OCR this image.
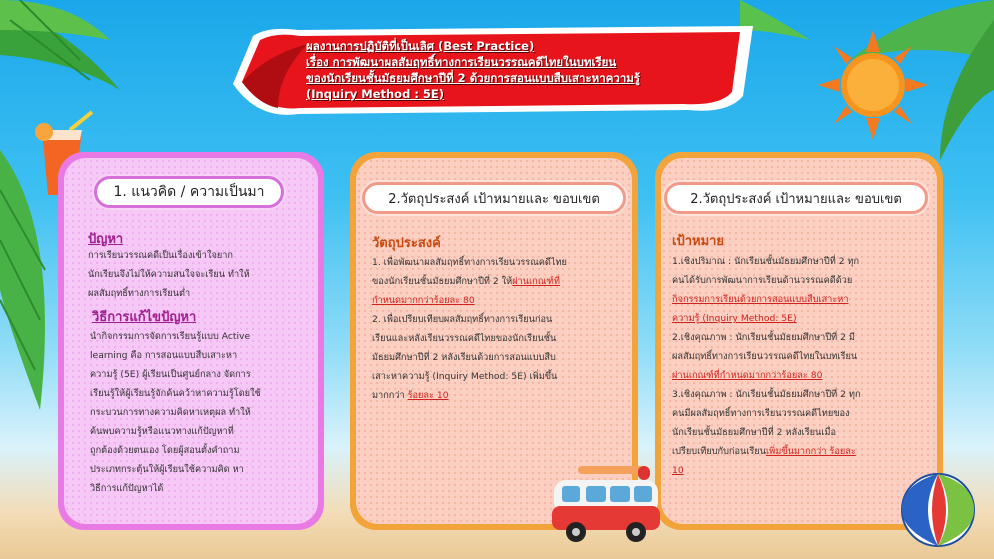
ผลงานการปฏิบัติที่เป็นเลิศ (Best Practice)
เรื่อง การพัฒนาผลสัมฤทธิ์ทางการเรียนวรรณคดีไทยในบทเรียน
ของนักเรียนชั้นมัธยมศึกษาปีที่ 2 ด้วยการสอนแบบสืบเสาะหาความรู้
(Inquiry Method : 5E)
1. แนวคิด / ความเป็นมา
ปัญหา
การเรียนวรรณคดีเป็นเรื่องเข้าใจยาก
นักเรียนจึงไม่ให้ความสนใจจะเรียน ทำให้
ผลสัมฤทธิ์ทางการเรียนต่ำ
วิธีการแก้ไขปัญหา
นำกิจกรรมการจัดการเรียนรู้แบบ Active
learning คือ การสอนแบบสืบเสาะหา
ความรู้ (5E) ผู้เรียนเป็นศูนย์กลาง จัดการ
เรียนรู้ให้ผู้เรียนรู้จักค้นคว้าหาความรู้โดยใช้
กระบวนการทางความคิดหาเหตุผล ทำให้
ค้นพบความรู้หรือแนวทางแก้ปัญหาที่
ถูกต้องด้วยตนเอง โดยผู้สอนตั้งคำถาม
ประเภทกระตุ้นให้ผู้เรียนใช้ความคิด หา
วิธีการแก้ปัญหาได้
2.วัตถุประสงค์ เป้าหมายและ ขอบเขต
วัตถุประสงค์
1. เพื่อพัฒนาผลสัมฤทธิ์ทางการเรียนวรรณคดีไทย
ของนักเรียนชั้นมัธยมศึกษาปีที่ 2 ให้ผ่านเกณฑ์ที่
กำหนดมากกว่าร้อยละ 80
2. เพื่อเปรียบเทียบผลสัมฤทธิ์ทางการเรียนก่อน
เรียนและหลังเรียนวรรณคดีไทยของนักเรียนชั้น
มัธยมศึกษาปีที่ 2 หลังเรียนด้วยการสอนแบบสืบ
เสาะหาความรู้ (Inquiry Method: 5E) เพิ่มขึ้น
มากกว่า ร้อยละ 10
2.วัตถุประสงค์ เป้าหมายและ ขอบเขต
เป้าหมาย
1.เชิงปริมาณ : นักเรียนชั้นมัธยมศึกษาปีที่ 2 ทุก
คนได้รับการพัฒนาการเรียนด้านวรรณคดีด้วย
กิจกรรมการเรียนด้วยการสอนแบบสืบเสาะหา
ความรู้ (Inquiry Method: 5E)
2.เชิงคุณภาพ : นักเรียนชั้นมัธยมศึกษาปีที่ 2 มี
ผลสัมฤทธิ์ทางการเรียนวรรณคดีไทยในบทเรียน
ผ่านเกณฑ์ที่กำหนดมากกว่าร้อยละ 80
3.เชิงคุณภาพ : นักเรียนชั้นมัธยมศึกษาปีที่ 2 ทุก
คนมีผลสัมฤทธิ์ทางการเรียนวรรณคดีไทยของ
นักเรียนชั้นมัธยมศึกษาปีที่ 2 หลังเรียนเมื่อ
เปรียบเทียบกับก่อนเรียนเพิ่มขึ้นมากกว่า ร้อยละ
10
